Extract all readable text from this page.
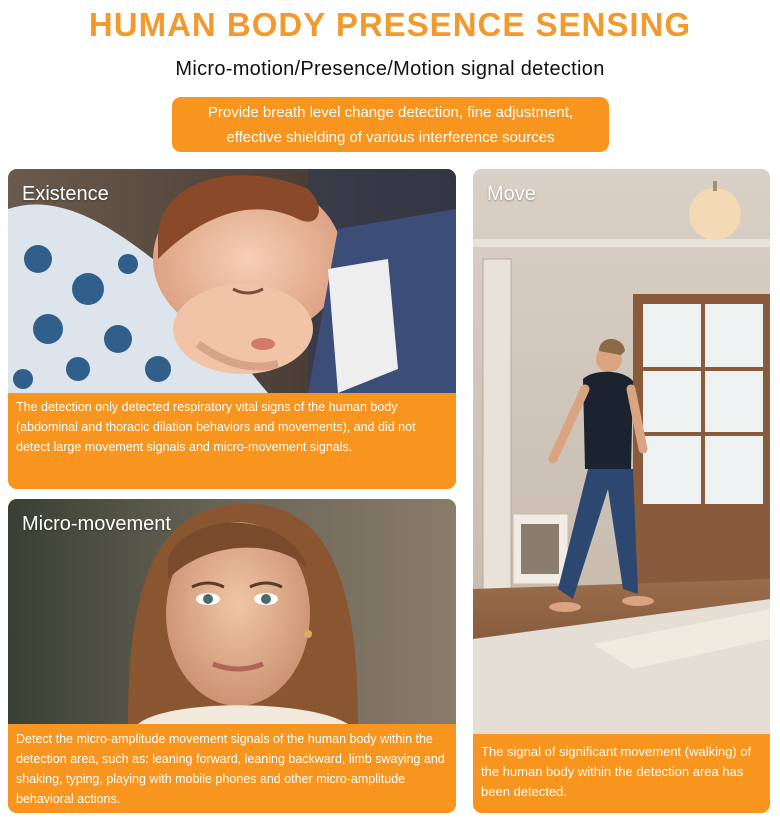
HUMAN BODY PRESENCE SENSING
Micro-motion/Presence/Motion signal detection
Provide breath level change detection, fine adjustment,
effective shielding of various interference sources
Existence
The detection only detected respiratory vital signs of the human body (abdominal and thoracic dilation behaviors and movements), and did not detect large movement signals and micro-movement signals.
Micro-movement
Detect the micro-amplitude movement signals of the human body within the detection area, such as: leaning forward, leaning backward, limb swaying and shaking, typing, playing with mobile phones and other micro-amplitude behavioral actions.
Move
The signal of significant movement (walking) of the human body within the detection area has been detected.
